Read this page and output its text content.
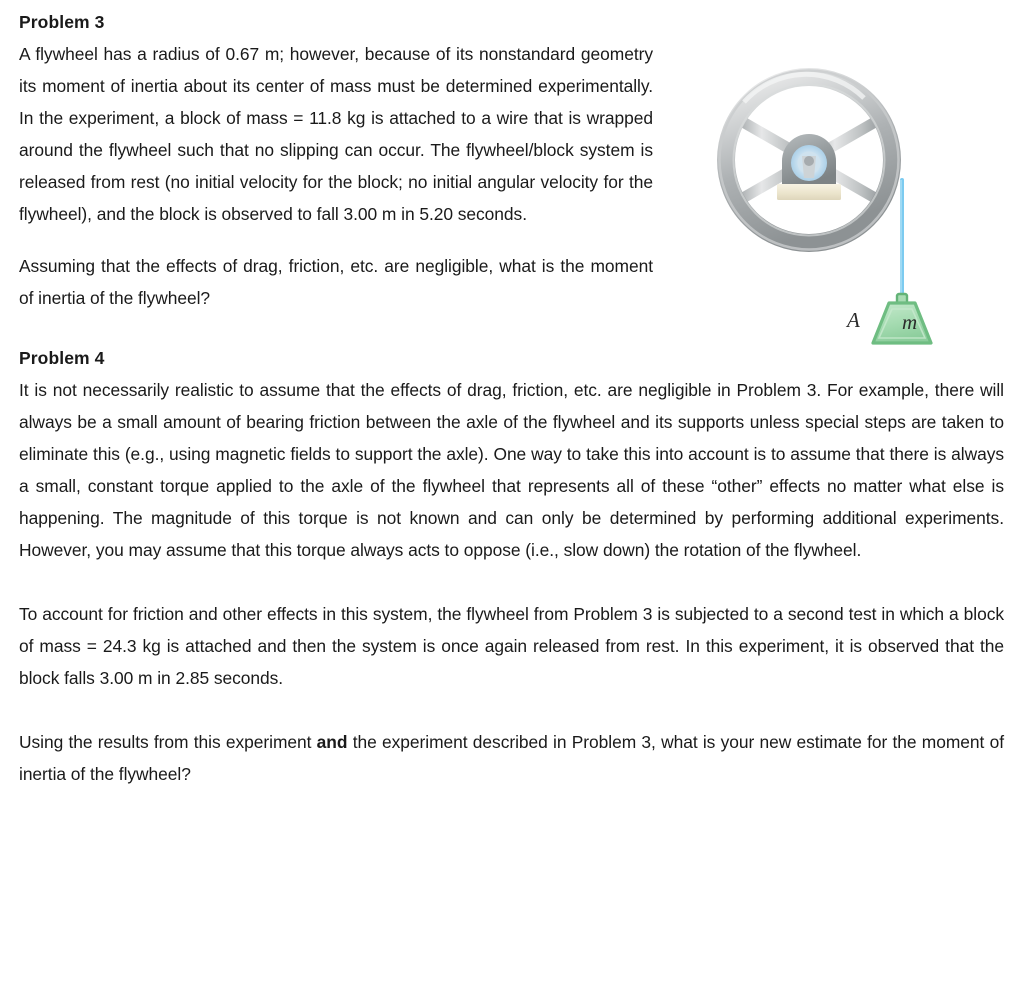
Problem 3

A flywheel has a radius of 0.67 m; however, because of its nonstandard geometry its moment of inertia about its center of mass must be determined experimentally. In the experiment, a block of mass = 11.8 kg is attached to a wire that is wrapped around the flywheel such that no slipping can occur. The flywheel/block system is released from rest (no initial velocity for the block; no initial angular velocity for the flywheel), and the block is observed to fall 3.00 m in 5.20 seconds.

Assuming that the effects of drag, friction, etc. are negligible, what is the moment of inertia of the flywheel?

Problem 4

It is not necessarily realistic to assume that the effects of drag, friction, etc. are negligible in Problem 3. For example, there will always be a small amount of bearing friction between the axle of the flywheel and its supports unless special steps are taken to eliminate this (e.g., using magnetic fields to support the axle). One way to take this into account is to assume that there is always a small, constant torque applied to the axle of the flywheel that represents all of these “other” effects no matter what else is happening. The magnitude of this torque is not known and can only be determined by performing additional experiments. However, you may assume that this torque always acts to oppose (i.e., slow down) the rotation of the flywheel.

To account for friction and other effects in this system, the flywheel from Problem 3 is subjected to a second test in which a block of mass = 24.3 kg is attached and then the system is once again released from rest. In this experiment, it is observed that the block falls 3.00 m in 2.85 seconds.

Using the results from this experiment and the experiment described in Problem 3, what is your new estimate for the moment of inertia of the flywheel?

m
A
